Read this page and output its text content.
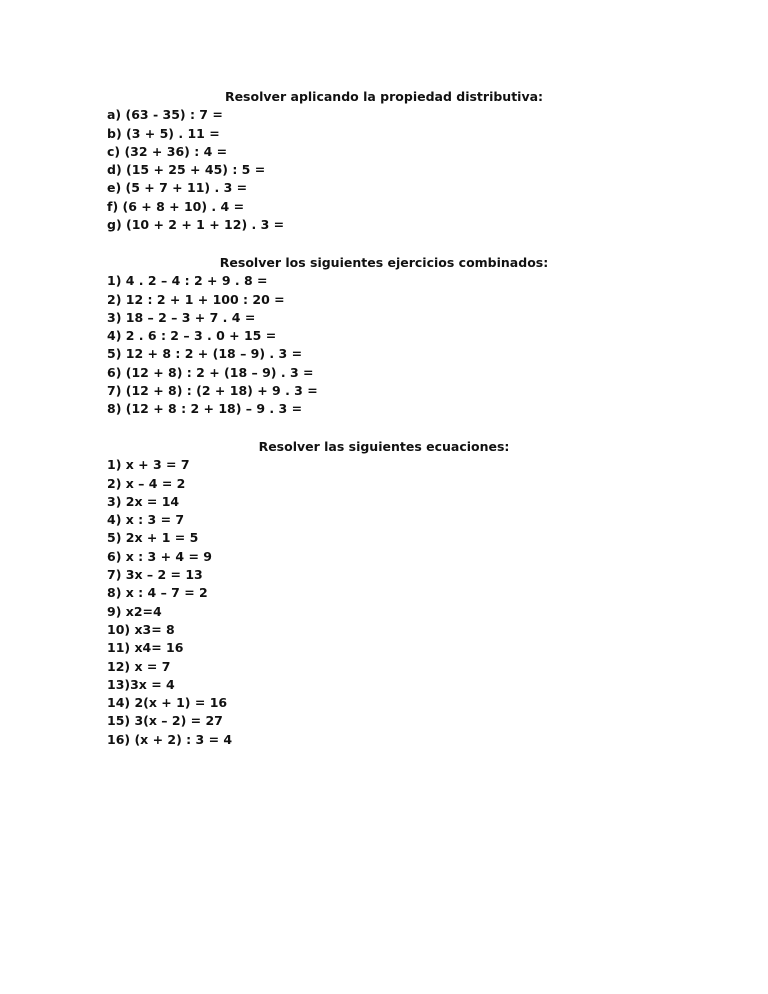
Resolver aplicando la propiedad distributiva:
a) (63 - 35) : 7 =
b) (3 + 5) . 11 =
c) (32 + 36) : 4 =
d) (15 + 25 + 45) : 5 =
e) (5 + 7 + 11) . 3 =
f) (6 + 8 + 10) . 4 =
g) (10 + 2 + 1 + 12) . 3 =
Resolver los siguientes ejercicios combinados:
1) 4 . 2 – 4 : 2 + 9 . 8 =
2) 12 : 2 + 1 + 100 : 20 =
3) 18 – 2 – 3 + 7 . 4 =
4) 2 . 6 : 2 – 3 . 0 + 15 =
5) 12 + 8 : 2 + (18 – 9) . 3 =
6) (12 + 8) : 2 + (18 – 9) . 3 =
7) (12 + 8) : (2 + 18) + 9 . 3 =
8) (12 + 8 : 2 + 18) – 9 . 3 =
Resolver las siguientes ecuaciones:
1) x + 3 = 7
2) x – 4 = 2
3) 2x = 14
4) x : 3 = 7
5) 2x + 1 = 5
6) x : 3 + 4 = 9
7) 3x – 2 = 13
8) x : 4 – 7 = 2
9) x2=4
10) x3= 8
11) x4= 16
12) x = 7
13)3x = 4
14) 2(x + 1) = 16
15) 3(x – 2) = 27
16) (x + 2) : 3 = 4
